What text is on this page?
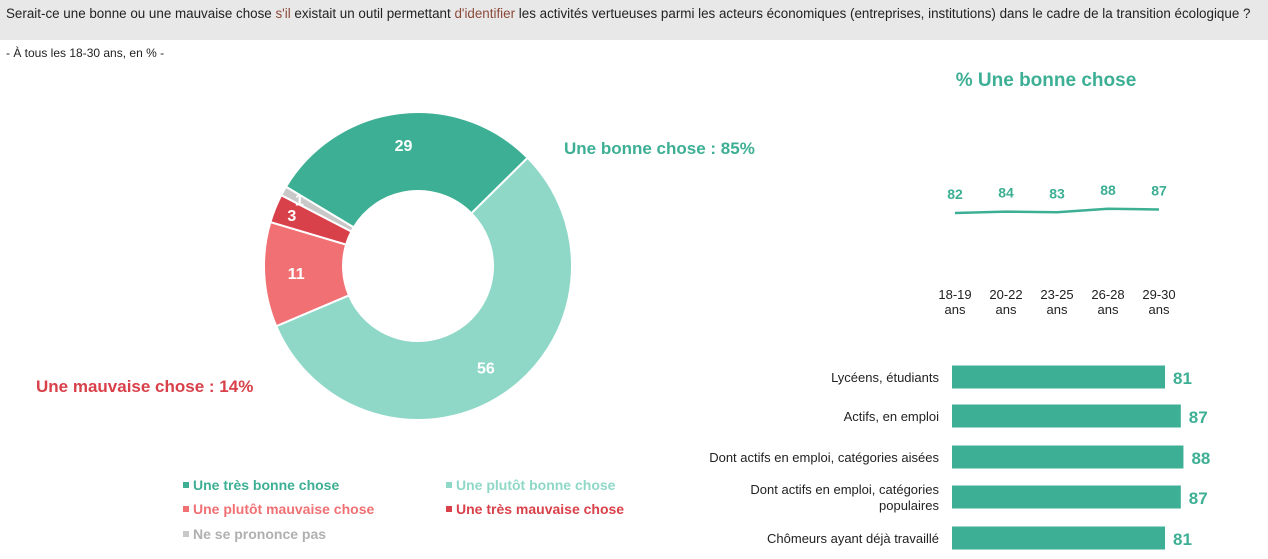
Serait-ce une bonne ou une mauvaise chose s'il existait un outil permettant d'identifier les activités vertueuses parmi les acteurs économiques (entreprises, institutions) dans le cadre de la transition écologique ?
- À tous les 18-30 ans, en % -
29
56
11
3
1
Une bonne chose : 85%
Une mauvaise chose : 14%
Une très bonne chose	Une plutôt bonne chose
Une plutôt mauvaise chose	Une très mauvaise chose
Ne se prononce pas
% Une bonne chose
82	84	83	88	87
18-19
ans
20-22
ans
23-25
ans
26-28
ans
29-30
ans
81
Lycéens, étudiants
87
Actifs, en emploi
88
Dont actifs en emploi, catégories aisées
87
Dont actifs en emploi, catégories
populaires
81
Chômeurs ayant déjà travaillé
